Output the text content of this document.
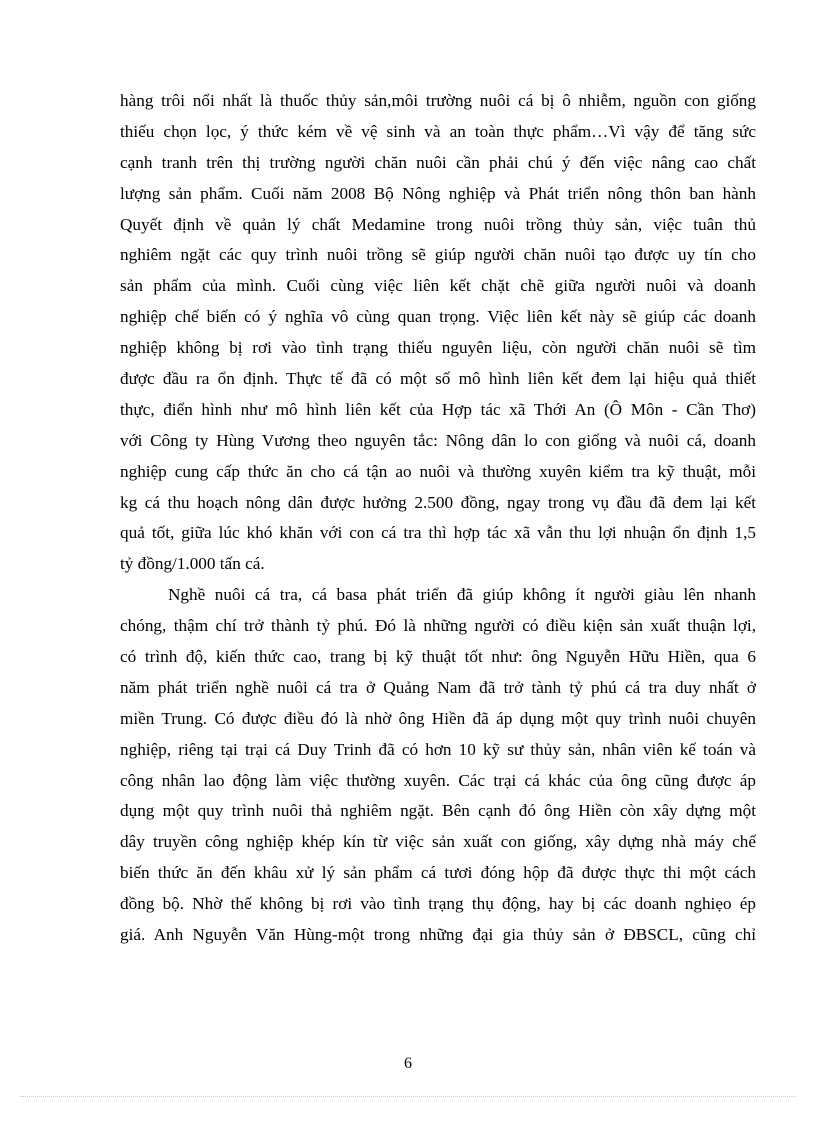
hàng trôi nổi nhất là thuốc thủy sản,môi trường nuôi cá bị ô nhiễm, nguồn con giống
thiếu chọn lọc, ý thức kém về vệ sinh và an toàn thực phẩm…Vì vậy để tăng sức
cạnh tranh trên thị trường người chăn nuôi cần phải chú ý đến việc nâng cao chất
lượng sản phẩm. Cuối năm 2008 Bộ Nông nghiệp và Phát triển nông thôn ban hành
Quyết định về quản lý chất Medamine trong nuôi trồng thủy sản, việc tuân thủ
nghiêm ngặt các quy trình nuôi trồng sẽ giúp người chăn nuôi tạo được uy tín cho
sản phẩm của mình. Cuối cùng việc liên kết chặt chẽ giữa người nuôi và doanh
nghiệp chế biến có ý nghĩa vô cùng quan trọng. Việc liên kết này sẽ giúp các doanh
nghiệp không bị rơi vào tình trạng thiếu nguyên liệu, còn người chăn nuôi sẽ tìm
được đầu ra ổn định. Thực tế đã có một số mô hình liên kết đem lại hiệu quả thiết
thực, điển hình như mô hình liên kết của Hợp tác xã Thới An (Ô Môn - Cần Thơ)
với Công ty Hùng Vương theo nguyên tắc: Nông dân lo con giống và nuôi cá, doanh
nghiệp cung cấp thức ăn cho cá tận ao nuôi và thường xuyên kiểm tra kỹ thuật, mỗi
kg cá thu hoạch nông dân được hưởng 2.500 đồng, ngay trong vụ đầu đã đem lại kết
quả tốt, giữa lúc khó khăn với con cá tra thì hợp tác xã vẫn thu lợi nhuận ổn định 1,5
tỷ đồng/1.000 tấn cá.
Nghề nuôi cá tra, cá basa phát triển đã giúp không ít người giàu lên nhanh
chóng, thậm chí trở thành tỷ phú. Đó là những người có điều kiện sản xuất thuận lợi,
có trình độ, kiến thức cao, trang bị kỹ thuật tốt như: ông Nguyễn Hữu Hiền, qua 6
năm phát triển nghề nuôi cá tra ở Quảng Nam đã trở tành tỷ phú cá tra duy nhất ở
miền Trung. Có được điều đó là nhờ ông Hiền đã áp dụng một quy trình nuôi chuyên
nghiệp, riêng tại trại cá Duy Trinh đã có hơn 10 kỹ sư thủy sản, nhân viên kế toán và
công nhân lao động làm việc thường xuyên. Các trại cá khác của ông cũng được áp
dụng một quy trình nuôi thả nghiêm ngặt. Bên cạnh đó ông Hiền còn xây dựng một
dây truyền công nghiệp khép kín từ việc sản xuất con giống, xây dựng nhà máy chế
biến thức ăn đến khâu xử lý sản phẩm cá tươi đóng hộp đã được thực thi một cách
đồng bộ. Nhờ thế không bị rơi vào tình trạng thụ động, hay bị các doanh nghiẹo ép
giá. Anh Nguyễn Văn Hùng-một trong những đại gia thủy sản ở ĐBSCL, cũng chỉ
6
